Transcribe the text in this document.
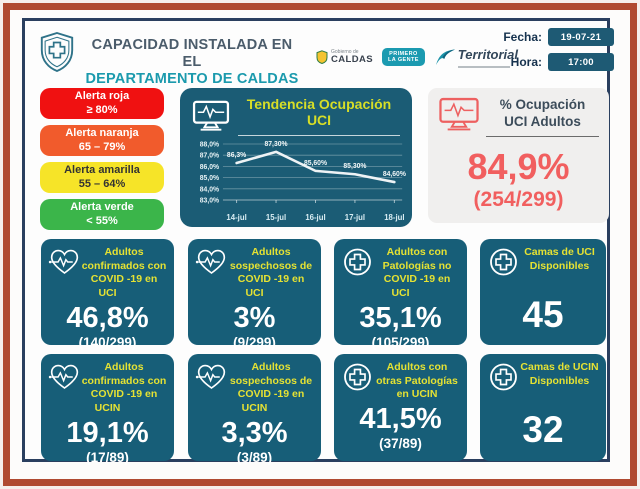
CAPACIDAD INSTALADA EN EL
DEPARTAMENTO DE CALDAS
Gobierno de
CALDAS
PRIMERO
LA GENTE	Territorial
Fecha:	19-07-21
Hora:	17:00
Alerta roja
≥ 80%
Alerta naranja
65 – 79%
Alerta amarilla
55 – 64%
Alerta verde
< 55%
Tendencia Ocupación UCI
83,0%
84,0%
85,0%
86,0%
87,0%
88,0%
14-jul 15-jul 16-jul 17-jul 18-jul
86,3%
87,30%
85,60% 85,30%
84,60%
% Ocupación
UCI Adultos
84,9%
(254/299)
Adultos confirmados con COVID -19 en UCI
46,8%
(140/299)
Adultos sospechosos de COVID -19 en UCI
3%
(9/299)
Adultos con Patologías no COVID -19 en UCI
35,1%
(105/299)
Camas de UCI Disponibles
45
Adultos confirmados con COVID -19 en UCIN
19,1%
(17/89)
Adultos sospechosos de COVID -19 en UCIN
3,3%
(3/89)
Adultos con otras Patologías en UCIN
41,5%
(37/89)
Camas de UCIN Disponibles
32
